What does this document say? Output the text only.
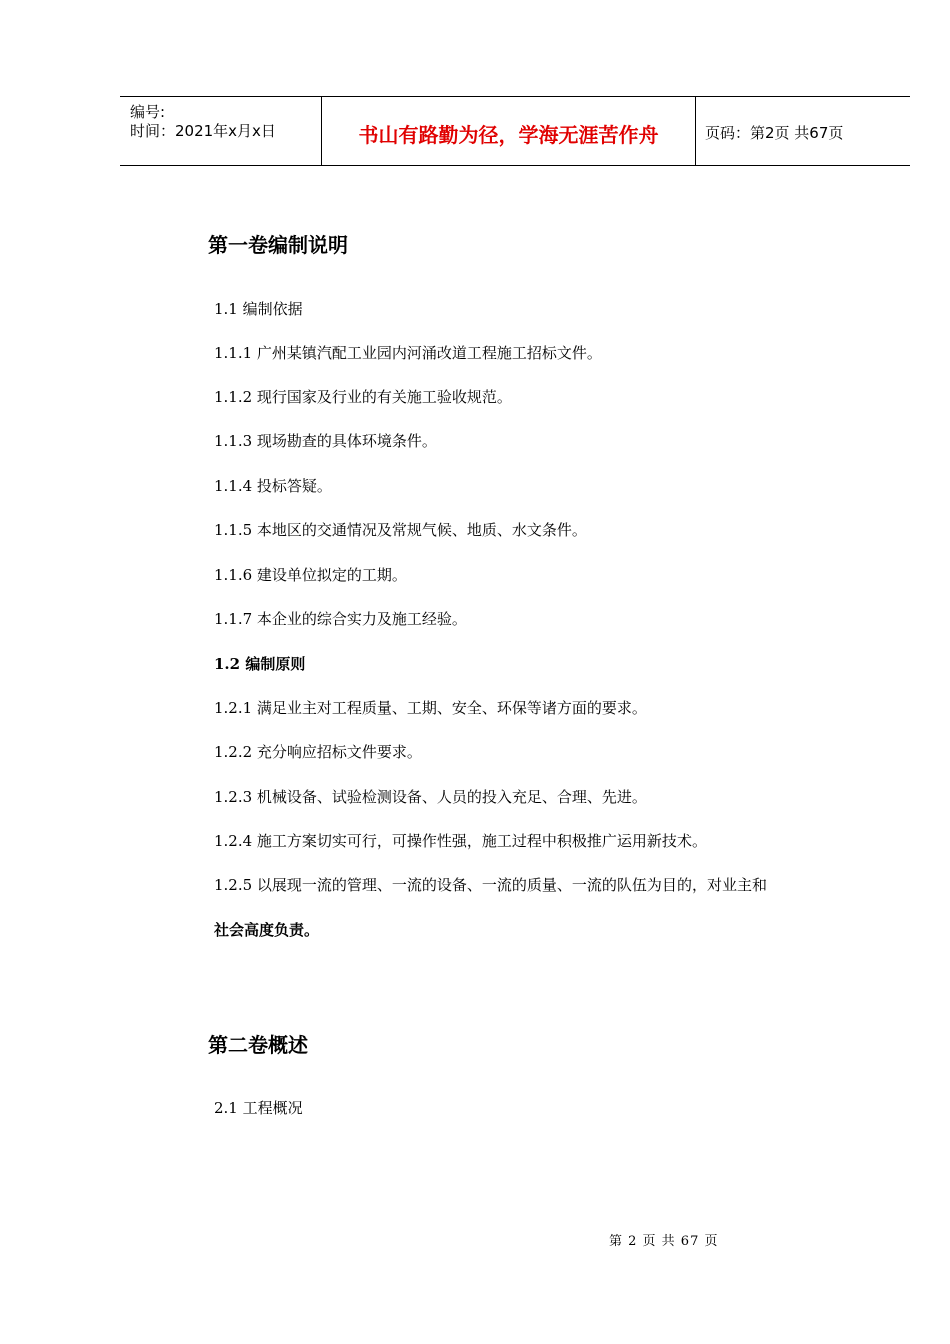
编号:
时间：2021年x月x日	书山有路勤为径，学海无涯苦作舟	页码：第2页 共67页
第一卷编制说明
1.1 编制依据
1.1.1 广州某镇汽配工业园内河涌改道工程施工招标文件。
1.1.2 现行国家及行业的有关施工验收规范。
1.1.3 现场勘查的具体环境条件。
1.1.4 投标答疑。
1.1.5 本地区的交通情况及常规气候、地质、水文条件。
1.1.6 建设单位拟定的工期。
1.1.7 本企业的综合实力及施工经验。
1.2 编制原则
1.2.1 满足业主对工程质量、工期、安全、环保等诸方面的要求。
1.2.2 充分响应招标文件要求。
1.2.3 机械设备、试验检测设备、人员的投入充足、合理、先进。
1.2.4 施工方案切实可行，可操作性强，施工过程中积极推广运用新技术。
1.2.5 以展现一流的管理、一流的设备、一流的质量、一流的队伍为目的，对业主和
社会高度负责。
第二卷概述
2.1 工程概况
第 2 页 共 67 页
